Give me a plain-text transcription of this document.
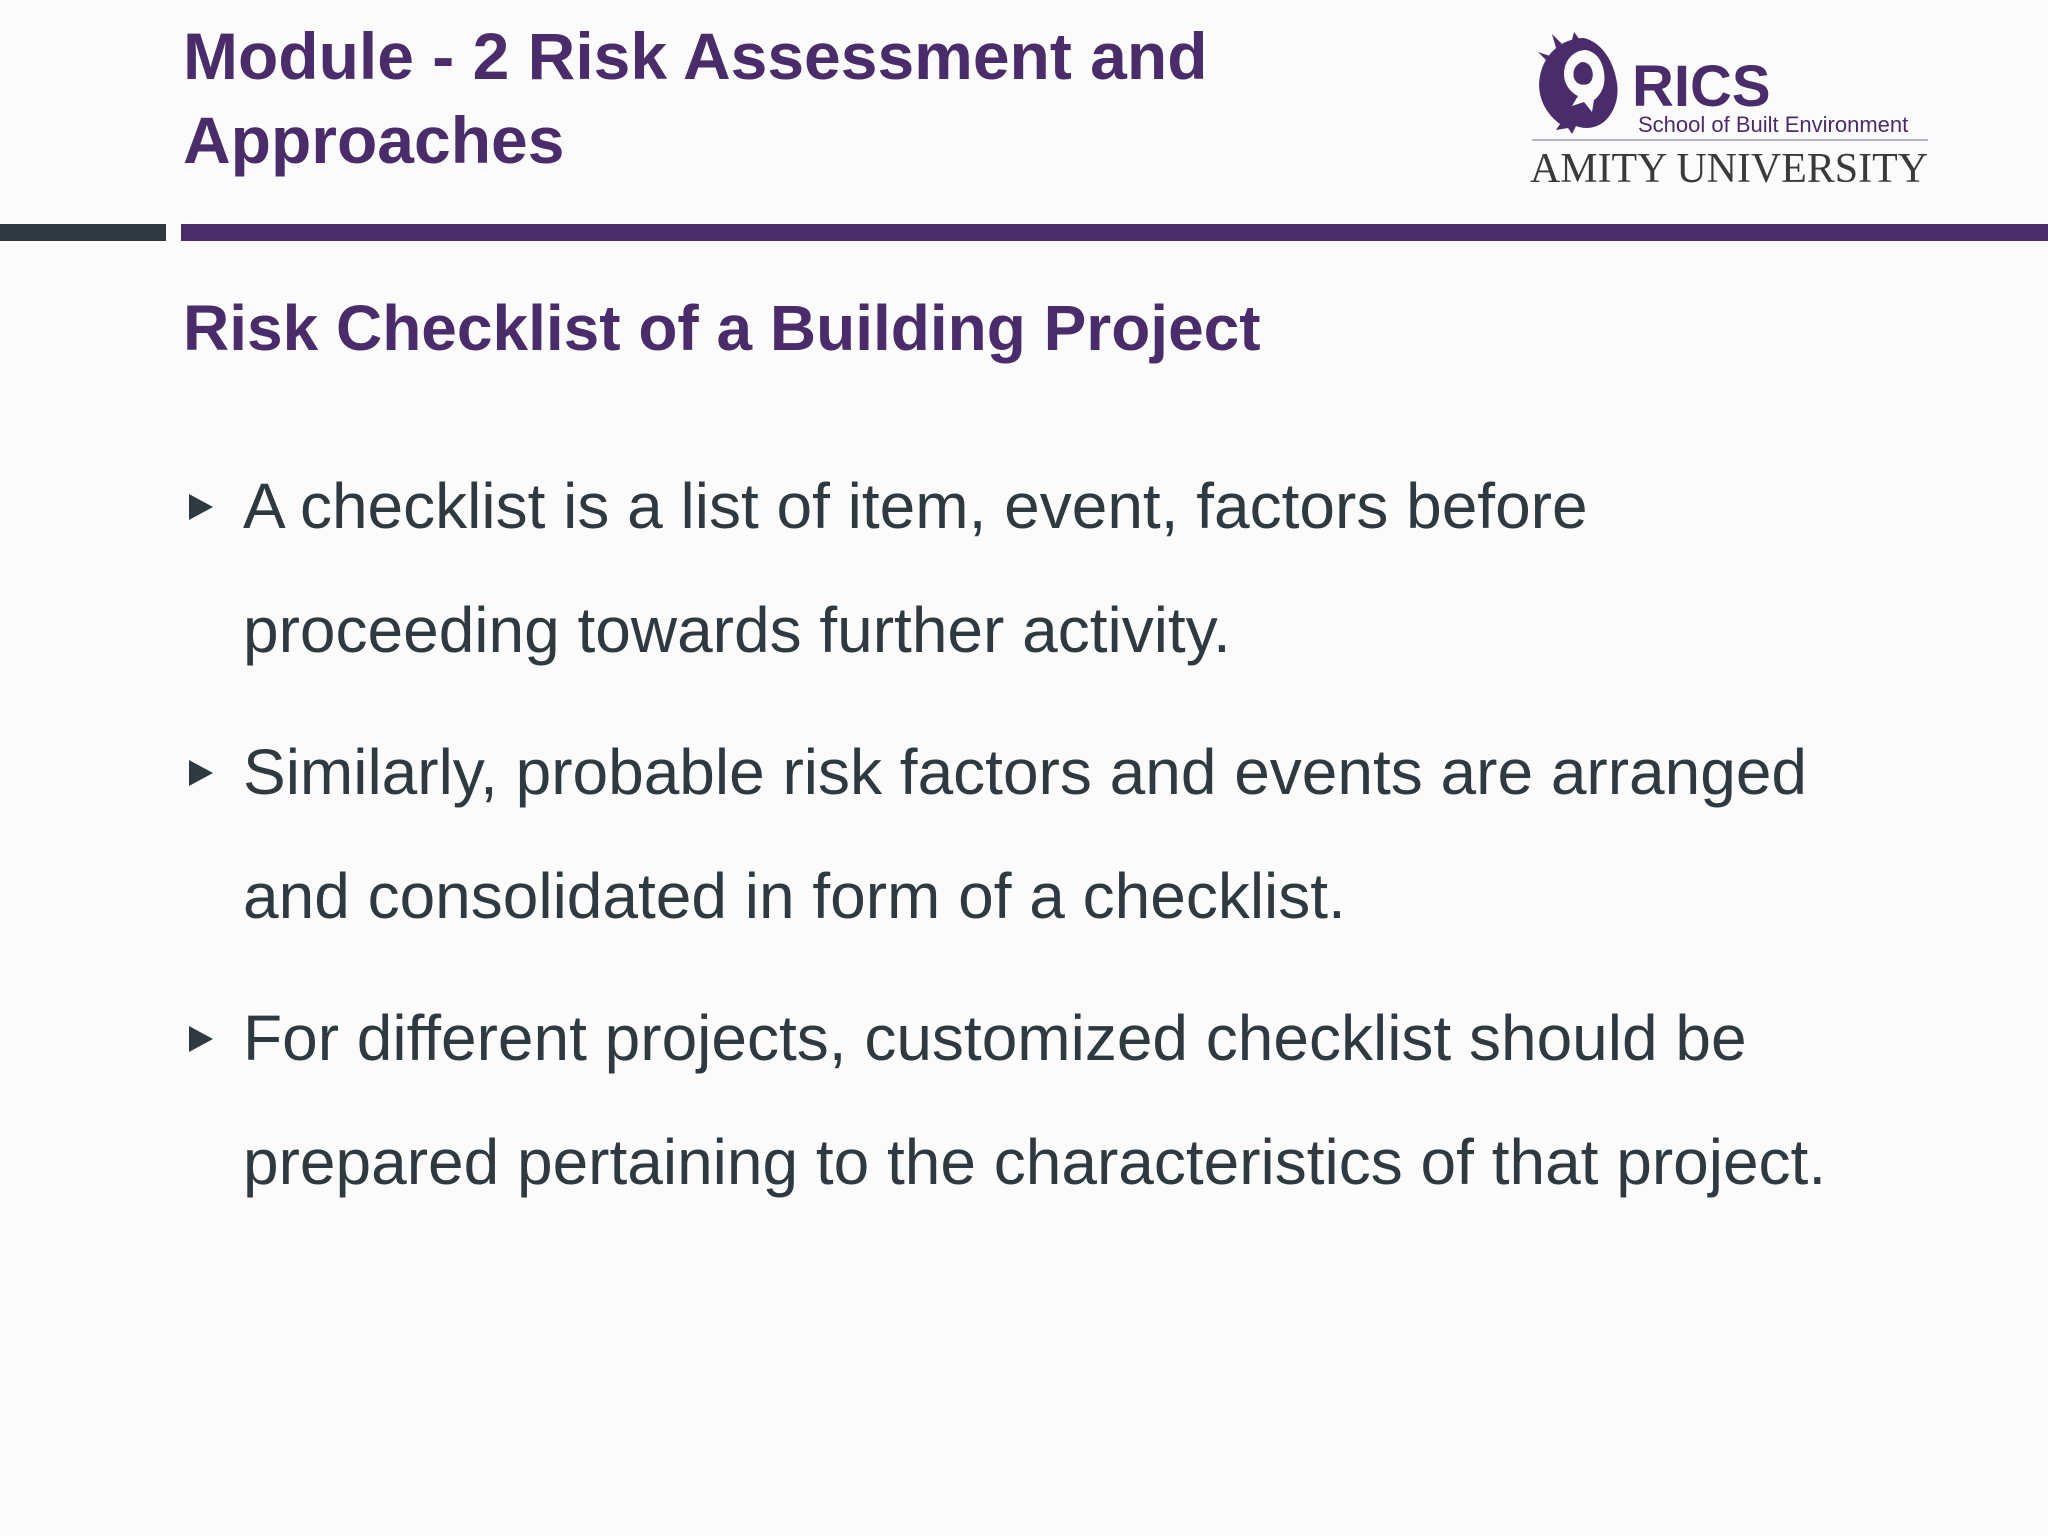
Module - 2 Risk Assessment and Approaches
RICS
School of Built Environment
AMITY UNIVERSITY
Risk Checklist of a Building Project
A checklist is a list of item, event, factors before
proceeding towards further activity.
Similarly, probable risk factors and events are arranged
and consolidated in form of a checklist.
For different projects, customized checklist should be
prepared pertaining to the characteristics of that project.
